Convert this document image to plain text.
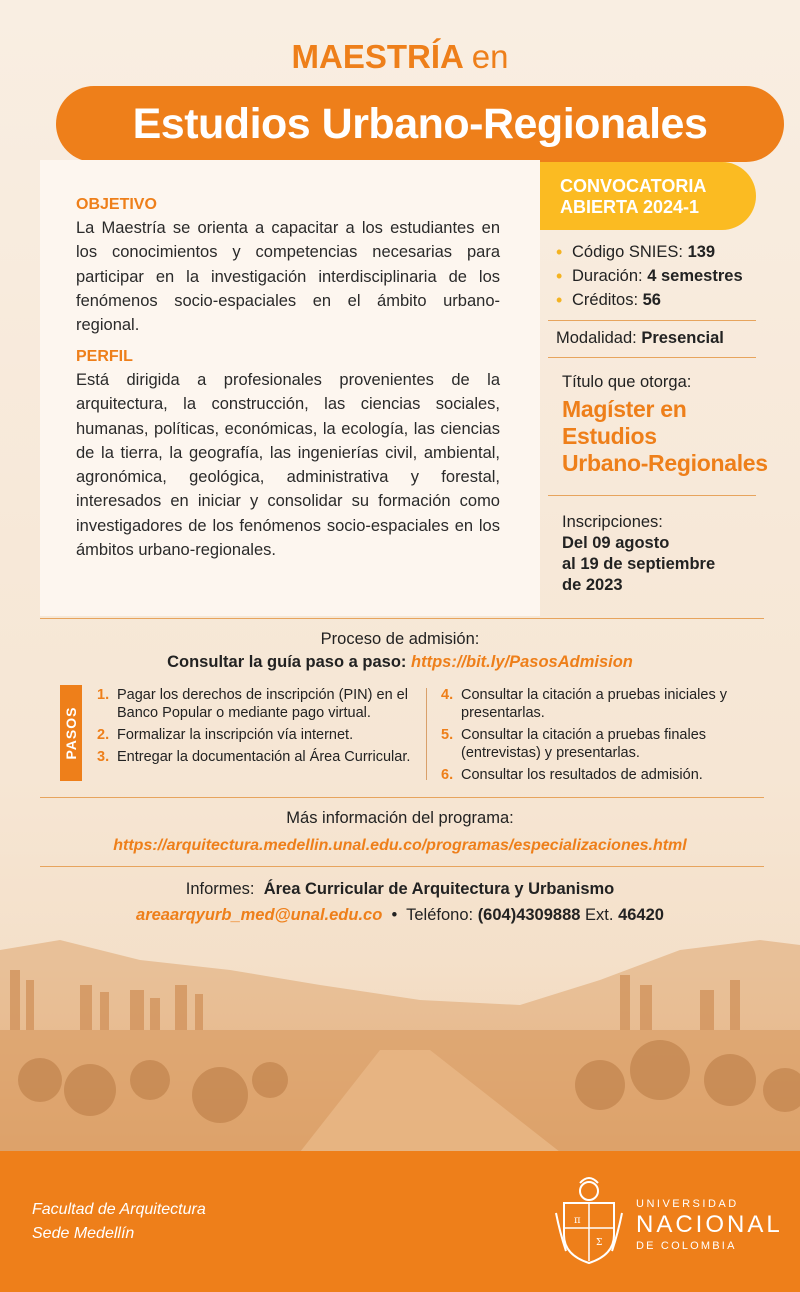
MAESTRÍA en
Estudios Urbano-Regionales
OBJETIVO
La Maestría se orienta a capacitar a los estudiantes en los conocimientos y competencias necesarias para participar en la investigación interdisciplinaria de los fenómenos socio-espaciales en el ámbito urbano-regional.
PERFIL
Está dirigida a profesionales provenientes de la arquitectura, la construcción, las ciencias sociales, humanas, políticas, económicas, la ecología, las ciencias de la tierra, la geografía, las ingenierías civil, ambiental, agronómica, geológica, administrativa y forestal, interesados en iniciar y consolidar su formación como investigadores de los fenómenos socio-espaciales en los ámbitos urbano-regionales.
CONVOCATORIA
ABIERTA 2024-1
• Código SNIES: 139
• Duración: 4 semestres
• Créditos: 56
Modalidad: Presencial
Título que otorga:
Magíster en
Estudios
Urbano-Regionales
Inscripciones:
Del 09 agosto
al 19 de septiembre
de 2023
Proceso de admisión:
Consultar la guía paso a paso: https://bit.ly/PasosAdmision
PASOS
1. Pagar los derechos de inscripción (PIN) en el Banco Popular o mediante pago virtual.
2. Formalizar la inscripción vía internet.
3. Entregar la documentación al Área Curricular.
4. Consultar la citación a pruebas iniciales y presentarlas.
5. Consultar la citación a pruebas finales (entrevistas) y presentarlas.
6. Consultar los resultados de admisión.
Más información del programa:
https://arquitectura.medellin.unal.edu.co/programas/especializaciones.html
Informes: Área Curricular de Arquitectura y Urbanismo
areaarqyurb_med@unal.edu.co • Teléfono: (604)4309888 Ext. 46420
Facultad de Arquitectura
Sede Medellín
π
Σ
UNIVERSIDAD
NACIONAL
DE COLOMBIA
